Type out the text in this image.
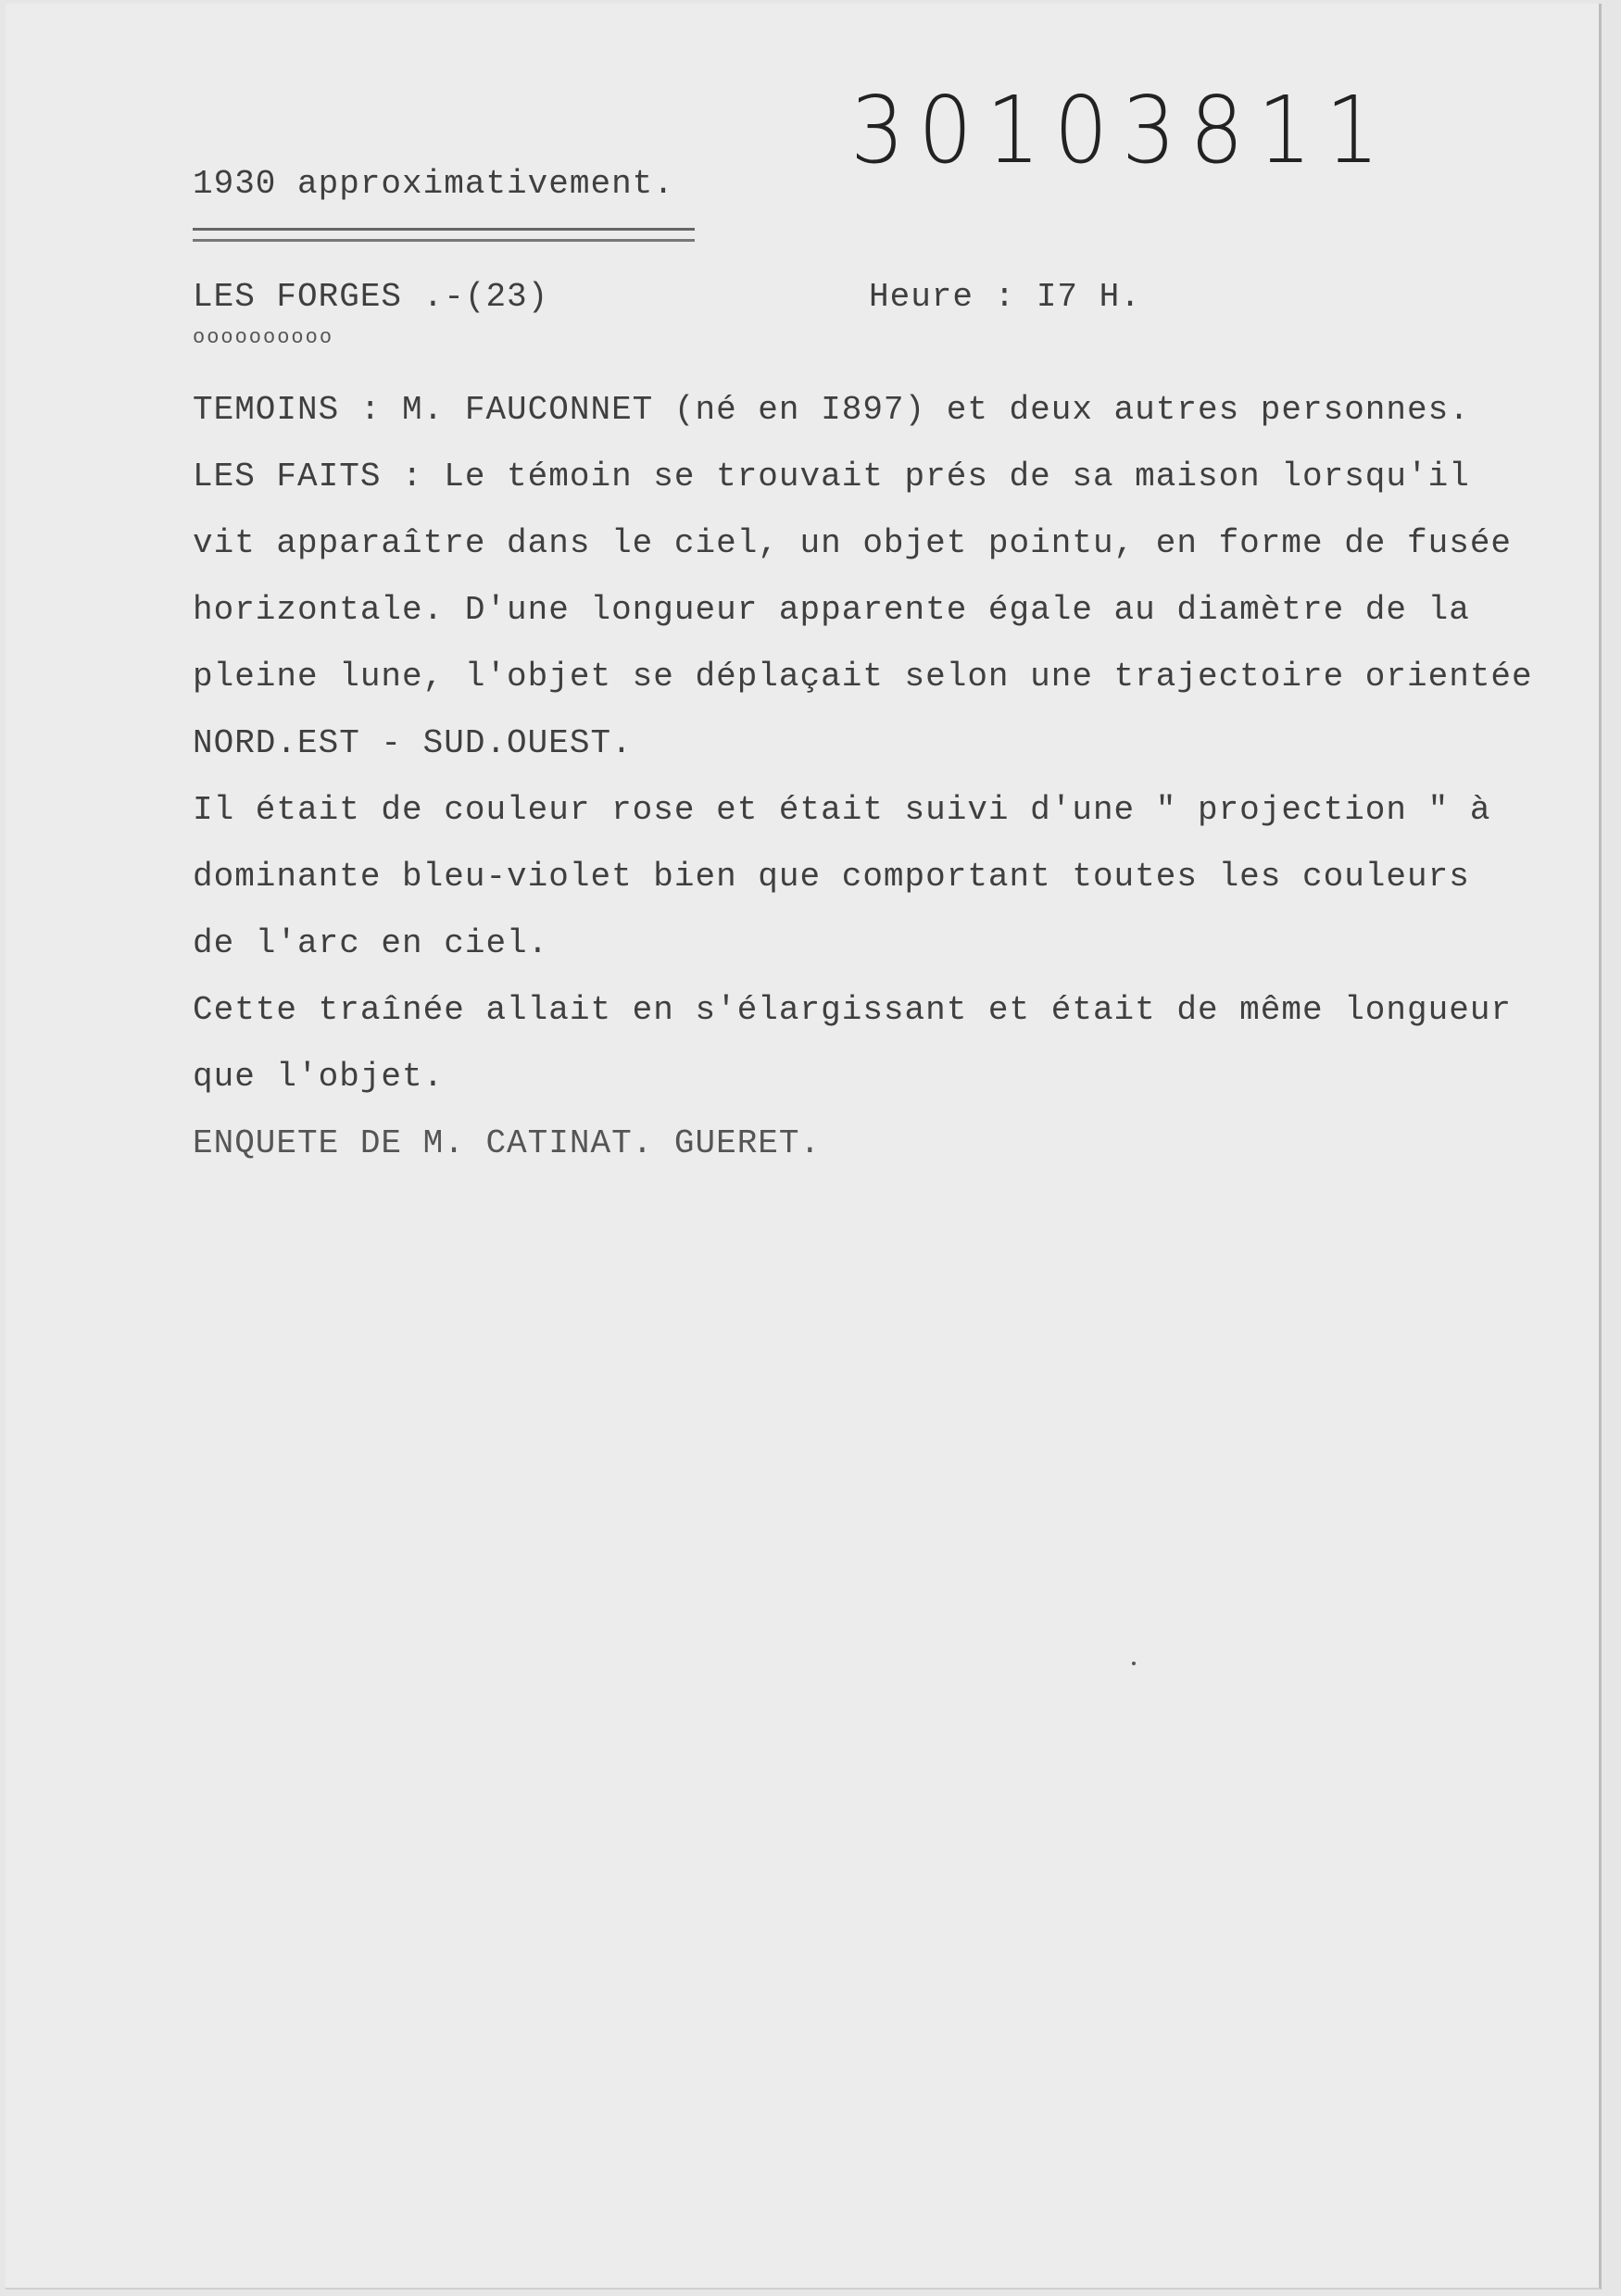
30103811
1930 approximativement.
LES FORGES .-(23)	Heure : I7 H.
oooooooooo
TEMOINS : M. FAUCONNET (né en I897) et deux autres personnes.
LES FAITS : Le témoin se trouvait prés de sa maison lorsqu'il
vit apparaître dans le ciel, un objet pointu, en forme de fusée
horizontale. D'une longueur apparente égale au diamètre de la
pleine lune, l'objet se déplaçait selon une trajectoire orientée
NORD.EST - SUD.OUEST.
Il était de couleur rose et était suivi d'une " projection " à
dominante bleu-violet bien que comportant toutes les couleurs
de l'arc en ciel.
Cette traînée allait en s'élargissant et était de même longueur
que l'objet.
ENQUETE DE M. CATINAT. GUERET.
